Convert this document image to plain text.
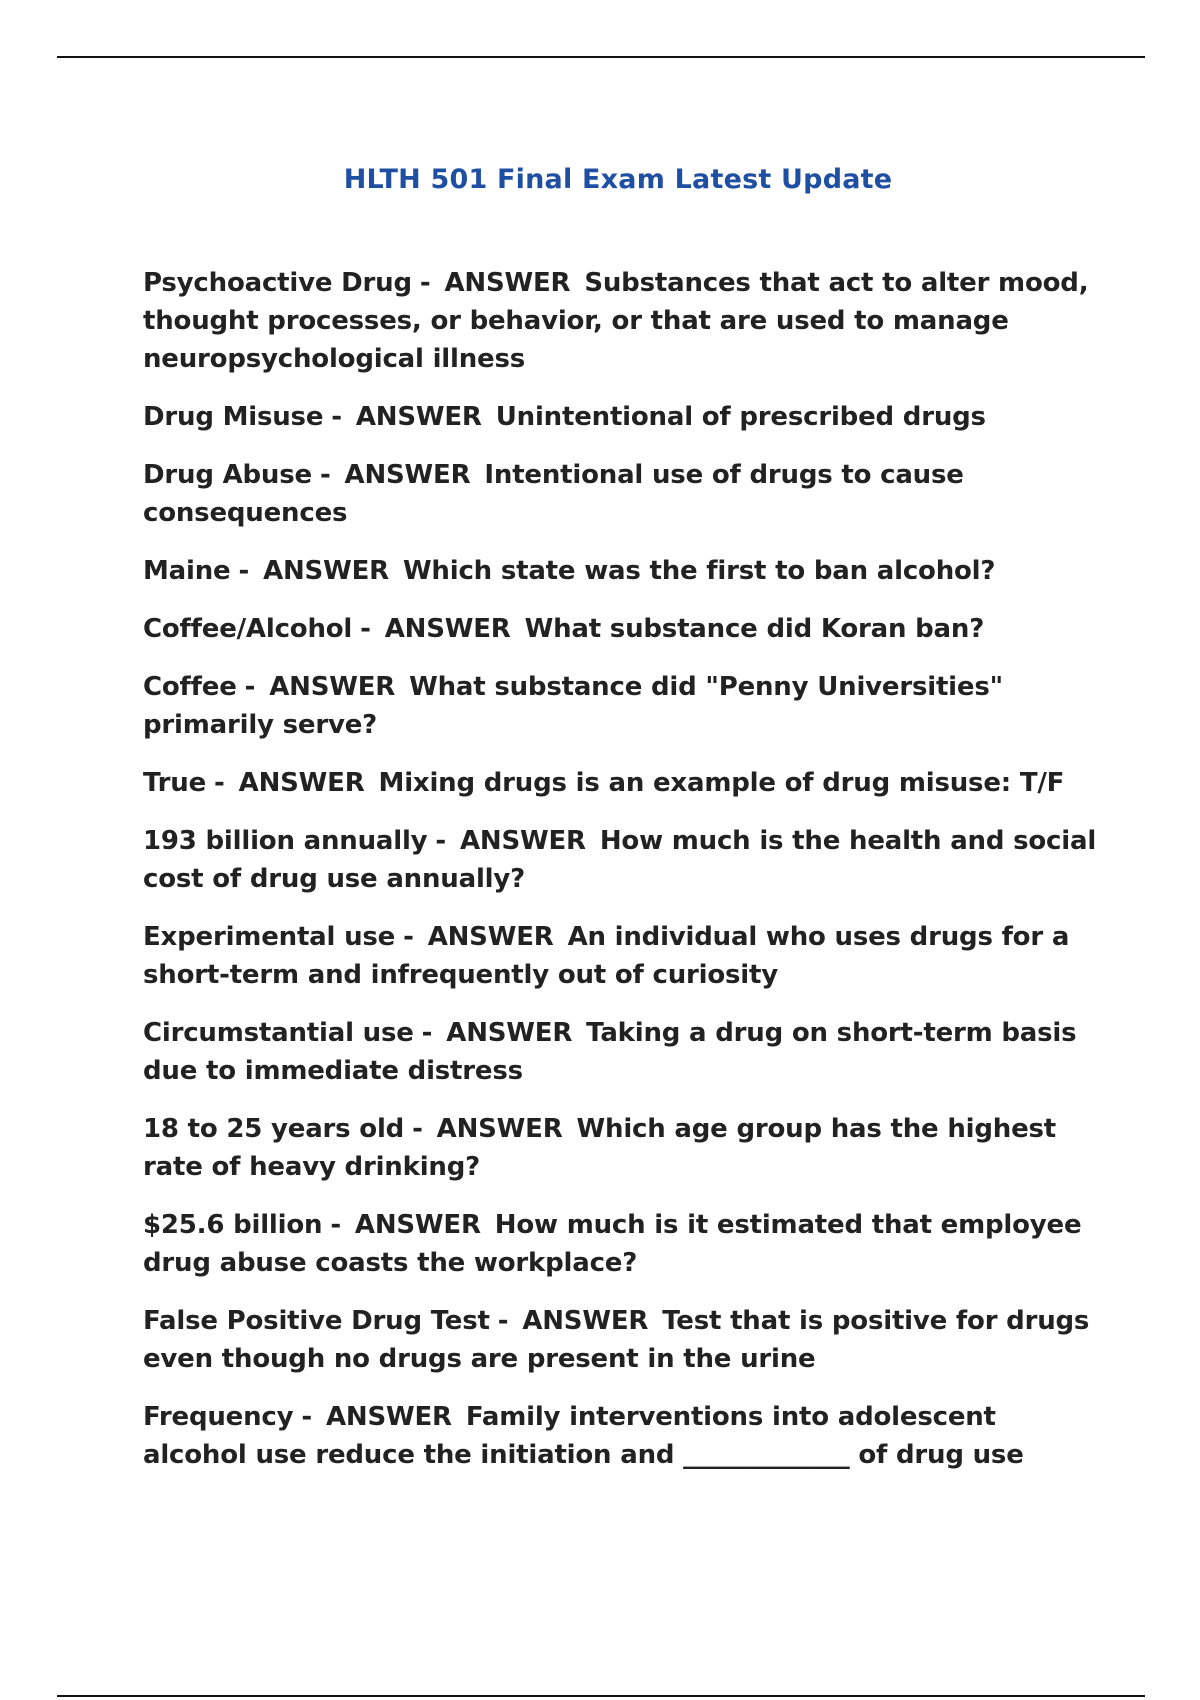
HLTH 501 Final Exam Latest Update

Psychoactive Drug - ANSWER Substances that act to alter mood, thought processes, or behavior, or that are used to manage neuropsychological illness

Drug Misuse - ANSWER Unintentional of prescribed drugs

Drug Abuse - ANSWER Intentional use of drugs to cause consequences

Maine - ANSWER Which state was the first to ban alcohol?

Coffee/Alcohol - ANSWER What substance did Koran ban?

Coffee - ANSWER What substance did "Penny Universities" primarily serve?

True - ANSWER Mixing drugs is an example of drug misuse: T/F

193 billion annually - ANSWER How much is the health and social cost of drug use annually?

Experimental use - ANSWER An individual who uses drugs for a short-term and infrequently out of curiosity

Circumstantial use - ANSWER Taking a drug on short-term basis due to immediate distress

18 to 25 years old - ANSWER Which age group has the highest rate of heavy drinking?

$25.6 billion - ANSWER How much is it estimated that employee drug abuse coasts the workplace?

False Positive Drug Test - ANSWER Test that is positive for drugs even though no drugs are present in the urine

Frequency - ANSWER Family interventions into adolescent alcohol use reduce the initiation and _____________ of drug use
